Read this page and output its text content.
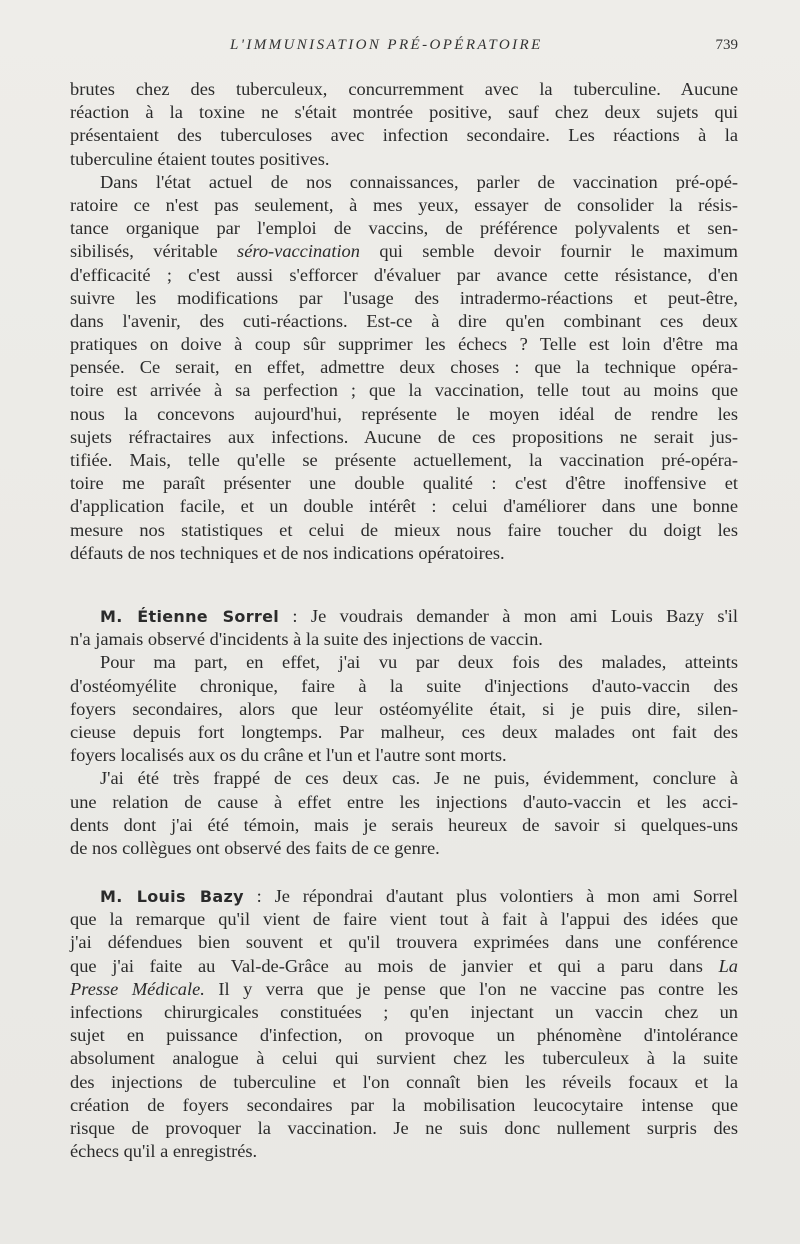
L'IMMUNISATION PRÉ-OPÉRATOIRE	739
brutes chez des tuberculeux, concurremment avec la tuberculine. Aucune
réaction à la toxine ne s'était montrée positive, sauf chez deux sujets qui
présentaient des tuberculoses avec infection secondaire. Les réactions à la
tuberculine étaient toutes positives.
Dans l'état actuel de nos connaissances, parler de vaccination pré-opé-
ratoire ce n'est pas seulement, à mes yeux, essayer de consolider la résis-
tance organique par l'emploi de vaccins, de préférence polyvalents et sen-
sibilisés, véritable séro-vaccination qui semble devoir fournir le maximum
d'efficacité ; c'est aussi s'efforcer d'évaluer par avance cette résistance, d'en
suivre les modifications par l'usage des intradermo-réactions et peut-être,
dans l'avenir, des cuti-réactions. Est-ce à dire qu'en combinant ces deux
pratiques on doive à coup sûr supprimer les échecs ? Telle est loin d'être ma
pensée. Ce serait, en effet, admettre deux choses : que la technique opéra-
toire est arrivée à sa perfection ; que la vaccination, telle tout au moins que
nous la concevons aujourd'hui, représente le moyen idéal de rendre les
sujets réfractaires aux infections. Aucune de ces propositions ne serait jus-
tifiée. Mais, telle qu'elle se présente actuellement, la vaccination pré-opéra-
toire me paraît présenter une double qualité : c'est d'être inoffensive et
d'application facile, et un double intérêt : celui d'améliorer dans une bonne
mesure nos statistiques et celui de mieux nous faire toucher du doigt les
défauts de nos techniques et de nos indications opératoires.
M. Étienne Sorrel : Je voudrais demander à mon ami Louis Bazy s'il
n'a jamais observé d'incidents à la suite des injections de vaccin.
Pour ma part, en effet, j'ai vu par deux fois des malades, atteints
d'ostéomyélite chronique, faire à la suite d'injections d'auto-vaccin des
foyers secondaires, alors que leur ostéomyélite était, si je puis dire, silen-
cieuse depuis fort longtemps. Par malheur, ces deux malades ont fait des
foyers localisés aux os du crâne et l'un et l'autre sont morts.
J'ai été très frappé de ces deux cas. Je ne puis, évidemment, conclure à
une relation de cause à effet entre les injections d'auto-vaccin et les acci-
dents dont j'ai été témoin, mais je serais heureux de savoir si quelques-uns
de nos collègues ont observé des faits de ce genre.
M. Louis Bazy : Je répondrai d'autant plus volontiers à mon ami Sorrel
que la remarque qu'il vient de faire vient tout à fait à l'appui des idées que
j'ai défendues bien souvent et qu'il trouvera exprimées dans une conférence
que j'ai faite au Val-de-Grâce au mois de janvier et qui a paru dans La
Presse Médicale. Il y verra que je pense que l'on ne vaccine pas contre les
infections chirurgicales constituées ; qu'en injectant un vaccin chez un
sujet en puissance d'infection, on provoque un phénomène d'intolérance
absolument analogue à celui qui survient chez les tuberculeux à la suite
des injections de tuberculine et l'on connaît bien les réveils focaux et la
création de foyers secondaires par la mobilisation leucocytaire intense que
risque de provoquer la vaccination. Je ne suis donc nullement surpris des
échecs qu'il a enregistrés.
